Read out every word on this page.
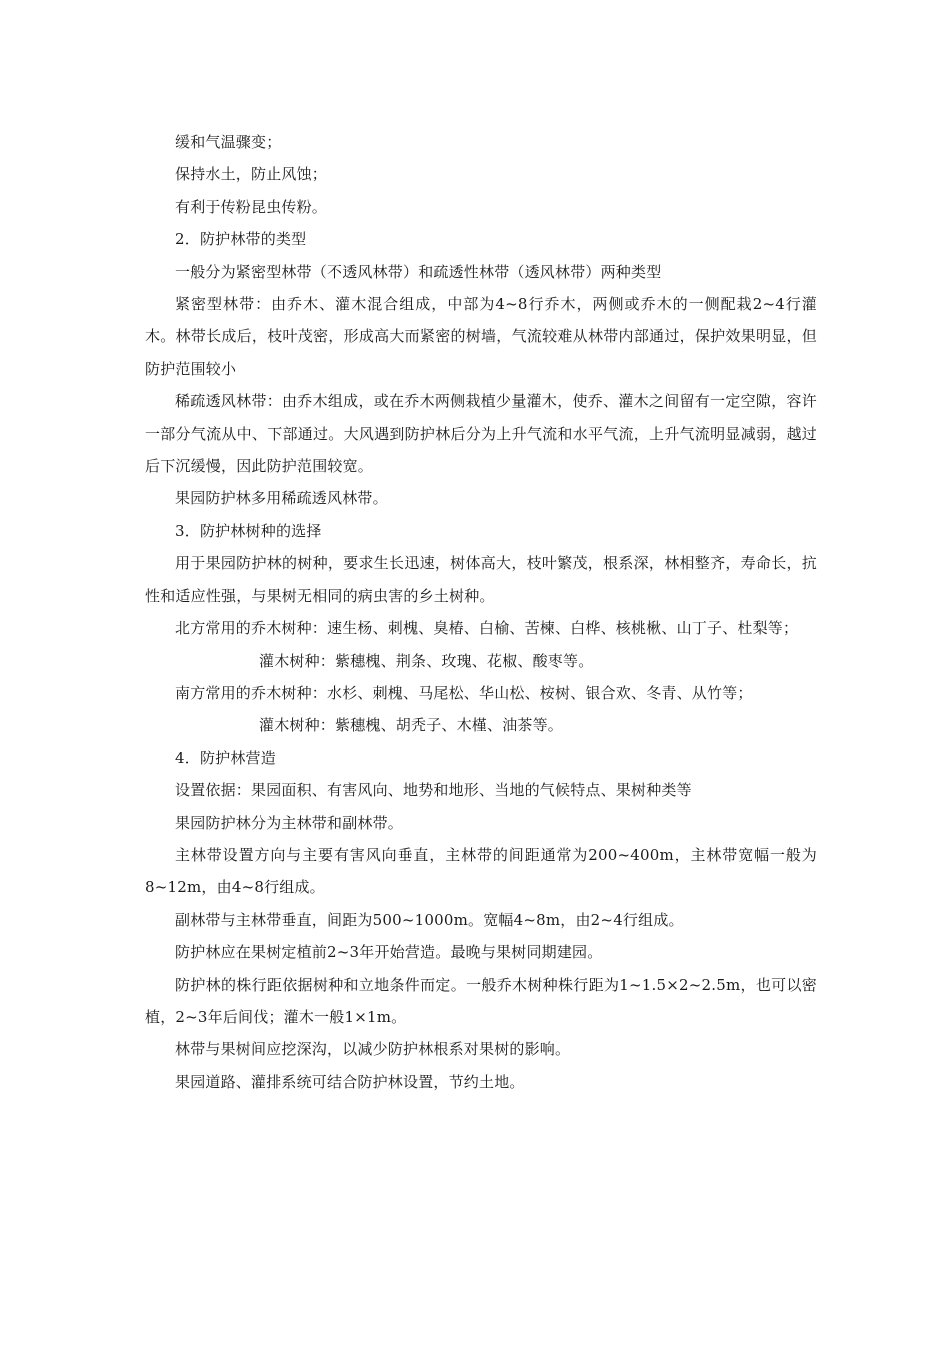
缓和气温骤变；

保持水土，防止风蚀；

有利于传粉昆虫传粉。

2．防护林带的类型

一般分为紧密型林带（不透风林带）和疏透性林带（透风林带）两种类型

紧密型林带：由乔木、灌木混合组成，中部为4~8行乔木，两侧或乔木的一侧配栽2~4行灌木。林带长成后，枝叶茂密，形成高大而紧密的树墙，气流较难从林带内部通过，保护效果明显，但防护范围较小

稀疏透风林带：由乔木组成，或在乔木两侧栽植少量灌木，使乔、灌木之间留有一定空隙，容许一部分气流从中、下部通过。大风遇到防护林后分为上升气流和水平气流，上升气流明显减弱，越过后下沉缓慢，因此防护范围较宽。

果园防护林多用稀疏透风林带。

3．防护林树种的选择

用于果园防护林的树种，要求生长迅速，树体高大，枝叶繁茂，根系深，林相整齐，寿命长，抗性和适应性强，与果树无相同的病虫害的乡土树种。

北方常用的乔木树种：速生杨、刺槐、臭椿、白榆、苦楝、白桦、核桃楸、山丁子、杜梨等；

灌木树种：紫穗槐、荆条、玫瑰、花椒、酸枣等。

南方常用的乔木树种：水杉、刺槐、马尾松、华山松、桉树、银合欢、冬青、从竹等；

灌木树种：紫穗槐、胡秃子、木槿、油茶等。

4．防护林营造

设置依据：果园面积、有害风向、地势和地形、当地的气候特点、果树种类等

果园防护林分为主林带和副林带。

主林带设置方向与主要有害风向垂直，主林带的间距通常为200~400m，主林带宽幅一般为8~12m，由4~8行组成。

副林带与主林带垂直，间距为500~1000m。宽幅4~8m，由2~4行组成。

防护林应在果树定植前2~3年开始营造。最晚与果树同期建园。

防护林的株行距依据树种和立地条件而定。一般乔木树种株行距为1~1.5×2~2.5m，也可以密植，2~3年后间伐；灌木一般1×1m。

林带与果树间应挖深沟，以减少防护林根系对果树的影响。

果园道路、灌排系统可结合防护林设置，节约土地。
